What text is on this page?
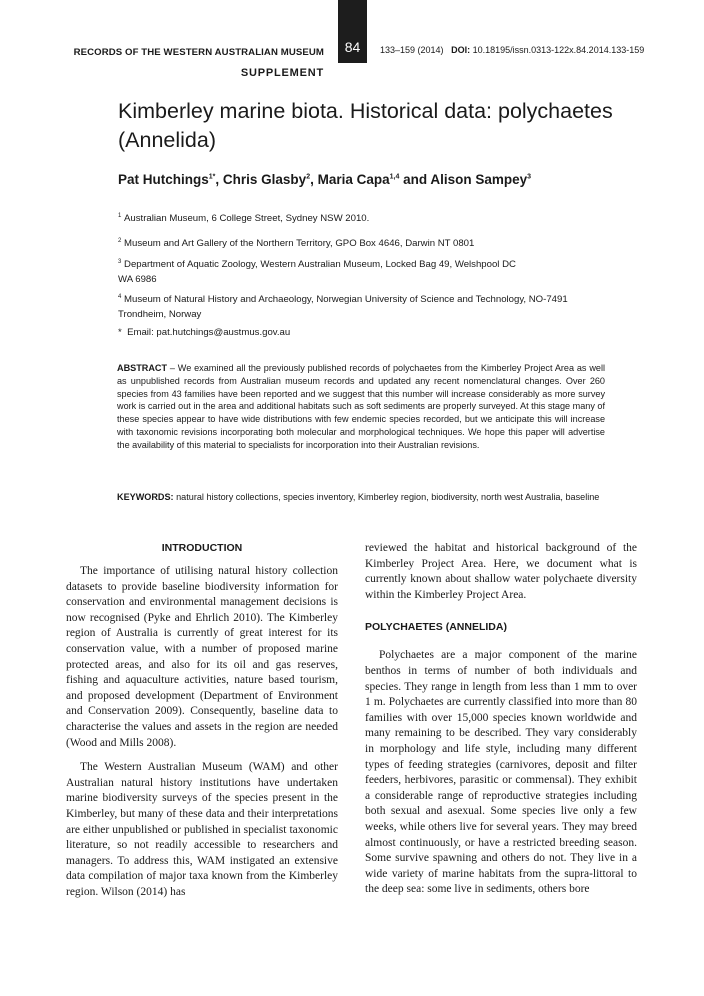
RECORDS OF THE WESTERN AUSTRALIAN MUSEUM
SUPPLEMENT
84	133–159 (2014) DOI: 10.18195/issn.0313-122x.84.2014.133-159
Kimberley marine biota. Historical data: polychaetes (Annelida)
Pat Hutchings$^{1*}$, Chris Glasby$^2$, Maria Capa$^{1,4}$ and Alison Sampey$^3$
$^1$ Australian Museum, 6 College Street, Sydney NSW 2010.
$^2$ Museum and Art Gallery of the Northern Territory, GPO Box 4646, Darwin NT 0801
$^3$ Department of Aquatic Zoology, Western Australian Museum, Locked Bag 49, Welshpool DC WA 6986
$^4$ Museum of Natural History and Archaeology, Norwegian University of Science and Technology, NO-7491 Trondheim, Norway
* Email: pat.hutchings@austmus.gov.au

ABSTRACT – We examined all the previously published records of polychaetes from the Kimberley Project Area as well as unpublished records from Australian museum records and updated any recent nomenclatural changes. Over 260 species from 43 families have been reported and we suggest that this number will increase considerably as more survey work is carried out in the area and additional habitats such as soft sediments are properly surveyed. At this stage many of these species appear to have wide distributions with few endemic species recorded, but we anticipate this will increase with taxonomic revisions incorporating both molecular and morphological techniques. We hope this paper will advertise the availability of this material to specialists for incorporation into their Australian revisions.

KEYWORDS: natural history collections, species inventory, Kimberley region, biodiversity, north west Australia, baseline

INTRODUCTION

The importance of utilising natural history collection datasets to provide baseline biodiversity information for conservation and environmental management decisions is now recognised (Pyke and Ehrlich 2010). The Kimberley region of Australia is currently of great interest for its conservation value, with a number of proposed marine protected areas, and also for its oil and gas reserves, fishing and aquaculture activities, nature based tourism, and proposed development (Department of Environment and Conservation 2009). Consequently, baseline data to characterise the values and assets in the region are needed (Wood and Mills 2008).

The Western Australian Museum (WAM) and other Australian natural history institutions have undertaken marine biodiversity surveys of the species present in the Kimberley, but many of these data and their interpretations are either unpublished or published in specialist taxonomic literature, so not readily accessible to researchers and managers. To address this, WAM instigated an extensive data compilation of major taxa known from the Kimberley region. Wilson (2014) has

reviewed the habitat and historical background of the Kimberley Project Area. Here, we document what is currently known about shallow water polychaete diversity within the Kimberley Project Area.

POLYCHAETES (ANNELIDA)

Polychaetes are a major component of the marine benthos in terms of number of both individuals and species. They range in length from less than 1 mm to over 1 m. Polychaetes are currently classified into more than 80 families with over 15,000 species known worldwide and many remaining to be described. They vary considerably in morphology and life style, including many different types of feeding strategies (carnivores, deposit and filter feeders, herbivores, parasitic or commensal). They exhibit a considerable range of reproductive strategies including both sexual and asexual. Some species live only a few weeks, while others live for several years. They may breed almost continuously, or have a restricted breeding season. Some survive spawning and others do not. They live in a wide variety of marine habitats from the supra-littoral to the deep sea: some live in sediments, others bore
